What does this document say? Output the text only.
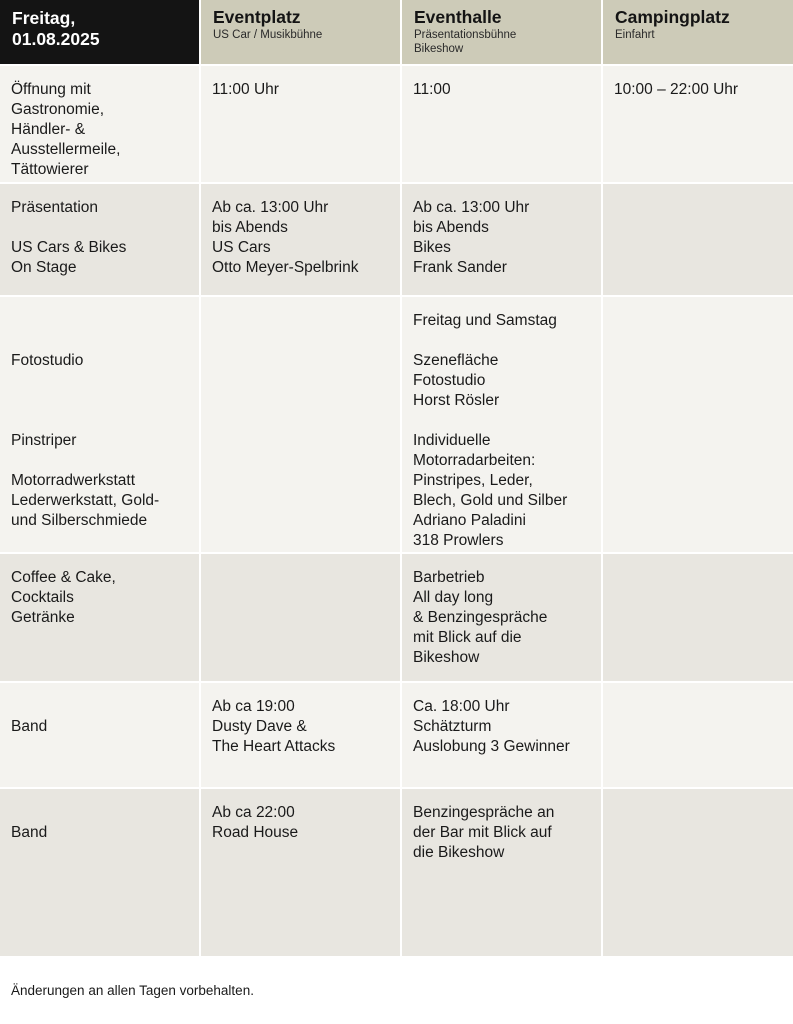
Freitag,
01.08.2025
Eventplatz
US Car / Musikbühne
Eventhalle
Präsentationsbühne
Bikeshow
Campingplatz
Einfahrt
Öffnung mit
Gastronomie,
Händler- &
Ausstellermeile,
Tättowierer
11:00 Uhr	11:00	10:00 – 22:00 Uhr
Präsentation

US Cars & Bikes
On Stage
Ab ca. 13:00 Uhr
bis Abends
US Cars
Otto Meyer-Spelbrink
Ab ca. 13:00 Uhr
bis Abends
Bikes
Frank Sander

Fotostudio

Pinstriper

Motorradwerkstatt
Lederwerkstatt, Gold-
und Silberschmiede
Freitag und Samstag

Szenefläche
Fotostudio
Horst Rösler

Individuelle
Motorradarbeiten:
Pinstripes, Leder,
Blech, Gold und Silber
Adriano Paladini
318 Prowlers
Coffee & Cake,
Cocktails
Getränke
Barbetrieb
All day long
& Benzingespräche
mit Blick auf die
Bikeshow

Band
Ab ca 19:00
Dusty Dave &
The Heart Attacks
Ca. 18:00 Uhr
Schätzturm
Auslobung 3 Gewinner

Band
Ab ca 22:00
Road House
Benzingespräche an
der Bar mit Blick auf
die Bikeshow
Änderungen an allen Tagen vorbehalten.
